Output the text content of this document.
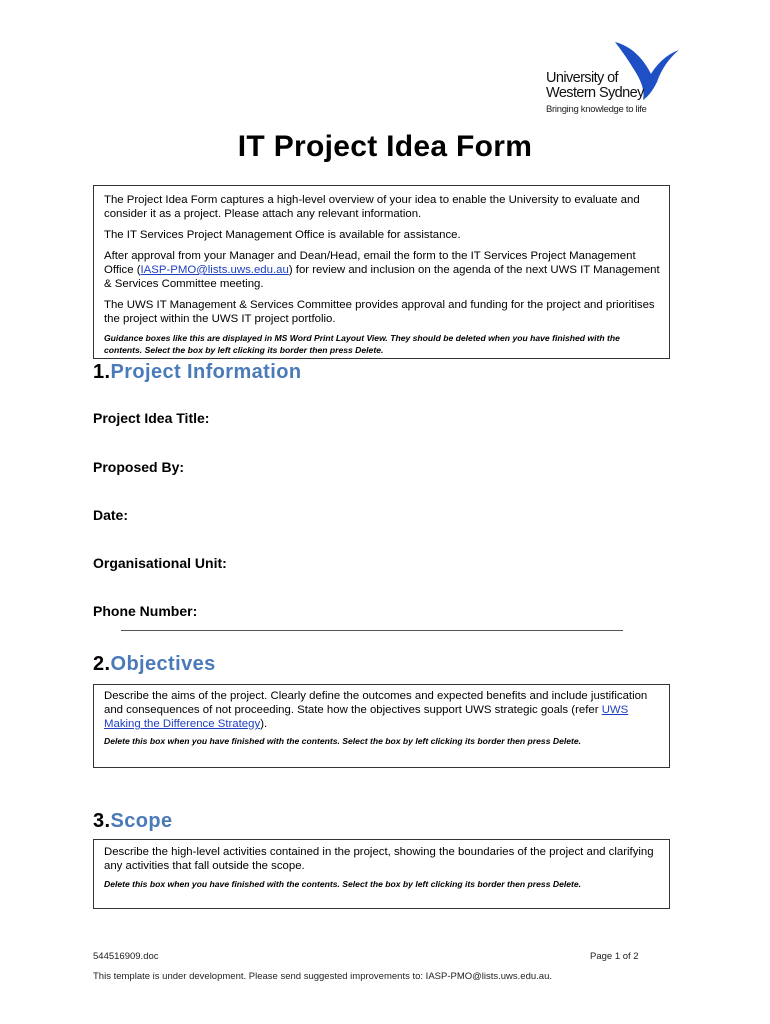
University of
Western Sydney
Bringing knowledge to life
IT Project Idea Form

The Project Idea Form captures a high-level overview of your idea to enable the University to evaluate and consider it as a project. Please attach any relevant information.

The IT Services Project Management Office is available for assistance.

After approval from your Manager and Dean/Head, email the form to the IT Services Project Management Office (IASP-PMO@lists.uws.edu.au) for review and inclusion on the agenda of the next UWS IT Management & Services Committee meeting.

The UWS IT Management & Services Committee provides approval and funding for the project and prioritises the project within the UWS IT project portfolio.

Guidance boxes like this are displayed in MS Word Print Layout View. They should be deleted when you have finished with the contents. Select the box by left clicking its border then press Delete.

1.Project Information
Project Idea Title:
Proposed By:
Date:
Organisational Unit:
Phone Number:
2.Objectives

Describe the aims of the project. Clearly define the outcomes and expected benefits and include justification and consequences of not proceeding. State how the objectives support UWS strategic goals (refer UWS Making the Difference Strategy).

Delete this box when you have finished with the contents. Select the box by left clicking its border then press Delete.

3.Scope

Describe the high-level activities contained in the project, showing the boundaries of the project and clarifying any activities that fall outside the scope.

Delete this box when you have finished with the contents. Select the box by left clicking its border then press Delete.

544516909.doc	Page 1 of 2
This template is under development. Please send suggested improvements to: IASP-PMO@lists.uws.edu.au.
